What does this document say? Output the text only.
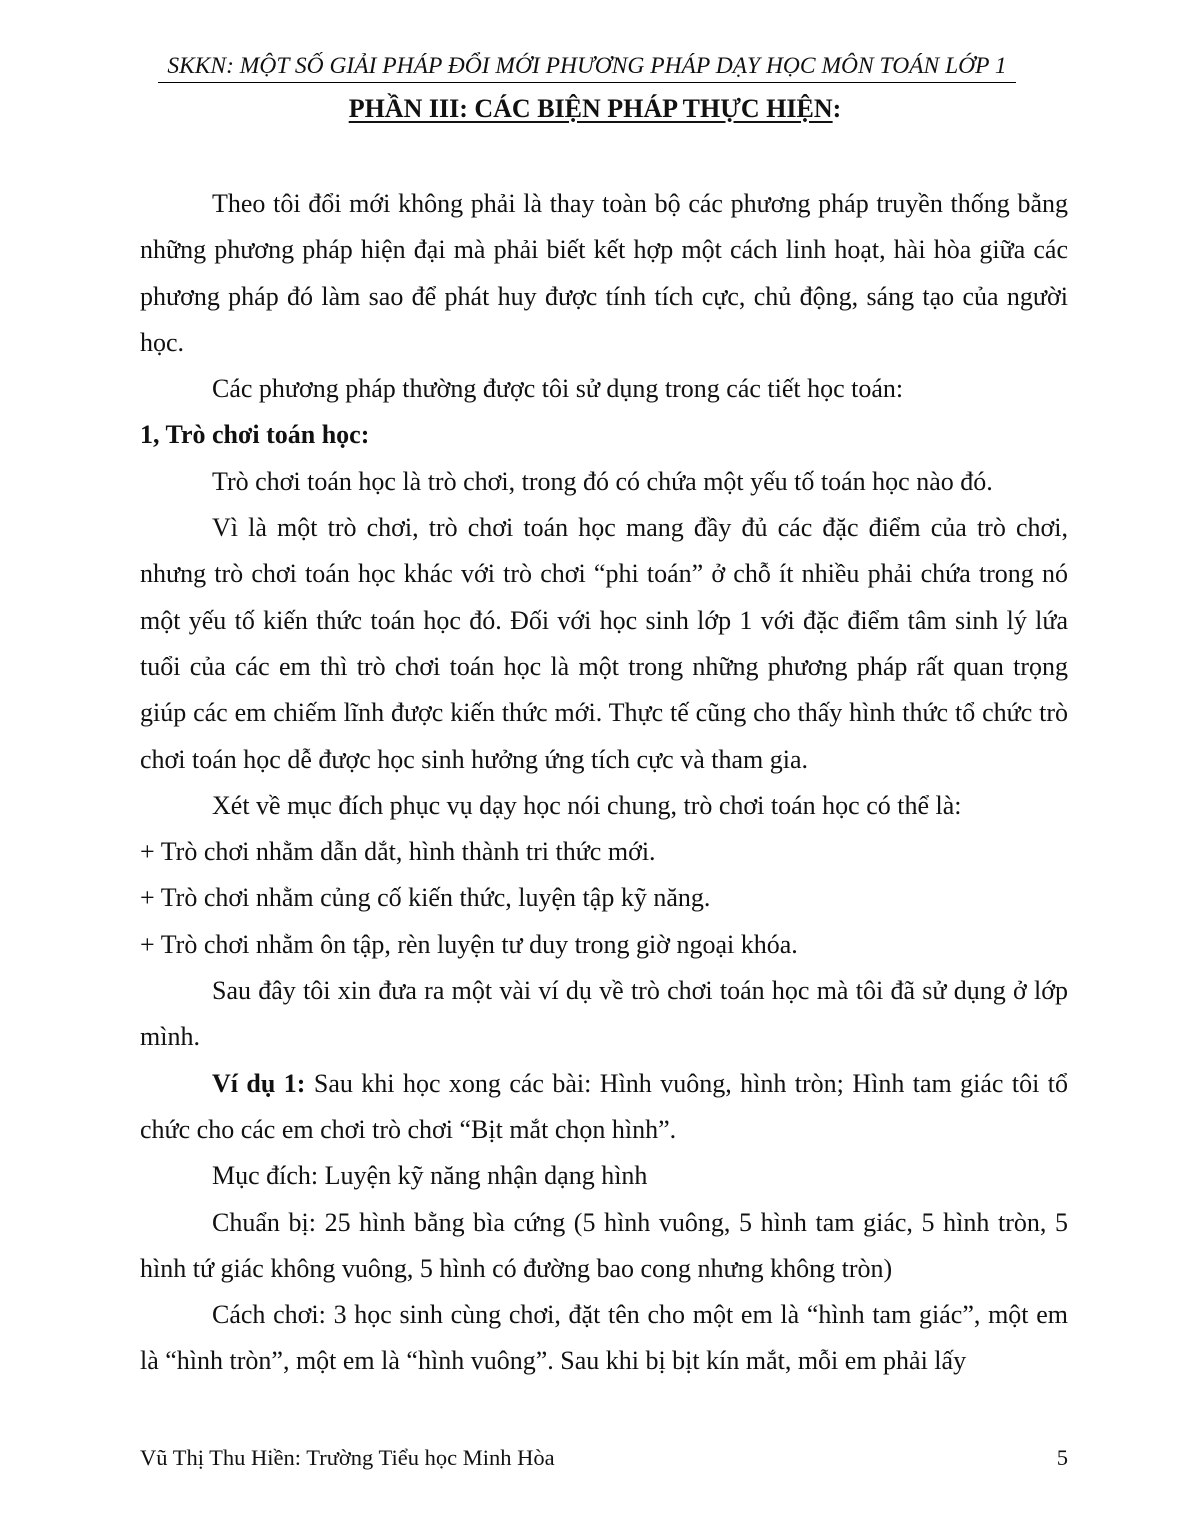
SKKN: MỘT SỐ GIẢI PHÁP ĐỔI MỚI PHƯƠNG PHÁP DẠY HỌC MÔN TOÁN LỚP 1
PHẦN III: CÁC BIỆN PHÁP THỰC HIỆN:

Theo tôi đổi mới không phải là thay toàn bộ các phương pháp truyền thống bằng những phương pháp hiện đại mà phải biết kết hợp một cách linh hoạt, hài hòa giữa các phương pháp đó làm sao để phát huy được tính tích cực, chủ động, sáng tạo của người học.

Các phương pháp thường được tôi sử dụng trong các tiết học toán:

1, Trò chơi toán học:

Trò chơi toán học là trò chơi, trong đó có chứa một yếu tố toán học nào đó.

Vì là một trò chơi, trò chơi toán học mang đầy đủ các đặc điểm của trò chơi, nhưng trò chơi toán học khác với trò chơi “phi toán” ở chỗ ít nhiều phải chứa trong nó một yếu tố kiến thức toán học đó. Đối với học sinh lớp 1 với đặc điểm tâm sinh lý lứa tuổi của các em thì trò chơi toán học là một trong những phương pháp rất quan trọng giúp các em chiếm lĩnh được kiến thức mới. Thực tế cũng cho thấy hình thức tổ chức trò chơi toán học dễ được học sinh hưởng ứng tích cực và tham gia.

Xét về mục đích phục vụ dạy học nói chung, trò chơi toán học có thể là:

+ Trò chơi nhằm dẫn dắt, hình thành tri thức mới.

+ Trò chơi nhằm củng cố kiến thức, luyện tập kỹ năng.

+ Trò chơi nhằm ôn tập, rèn luyện tư duy trong giờ ngoại khóa.

Sau đây tôi xin đưa ra một vài ví dụ về trò chơi toán học mà tôi đã sử dụng ở lớp mình.

Ví dụ 1: Sau khi học xong các bài: Hình vuông, hình tròn; Hình tam giác tôi tổ chức cho các em chơi trò chơi “Bịt mắt chọn hình”.

Mục đích: Luyện kỹ năng nhận dạng hình

Chuẩn bị: 25 hình bằng bìa cứng (5 hình vuông, 5 hình tam giác, 5 hình tròn, 5 hình tứ giác không vuông, 5 hình có đường bao cong nhưng không tròn)

Cách chơi: 3 học sinh cùng chơi, đặt tên cho một em là “hình tam giác”, một em là “hình tròn”, một em là “hình vuông”. Sau khi bị bịt kín mắt, mỗi em phải lấy

Vũ Thị Thu Hiền: Trường Tiểu học Minh Hòa	5
